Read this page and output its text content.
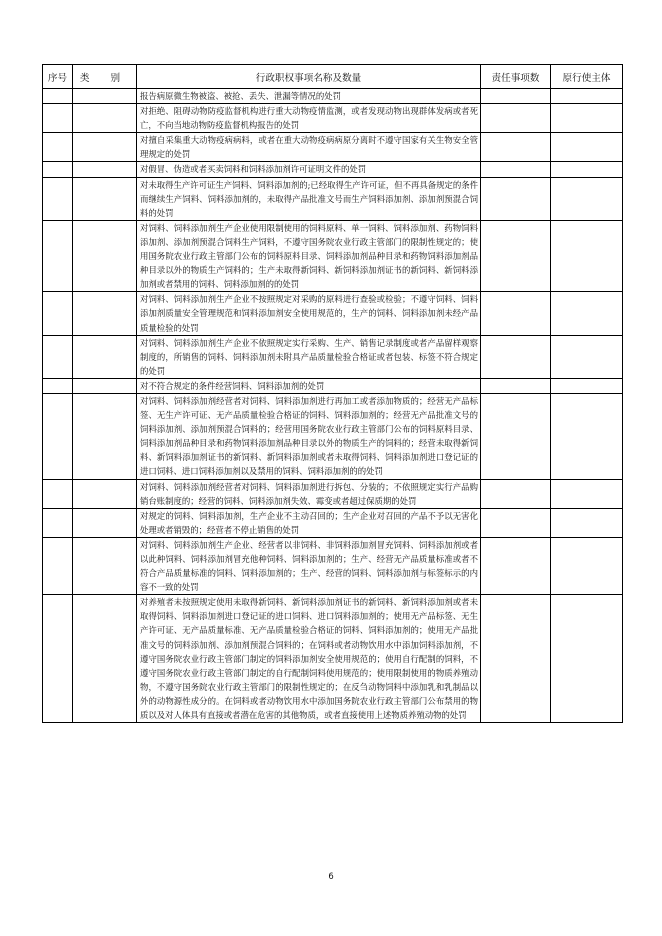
序号	类 别	行政职权事项名称及数量	责任事项数	原行使主体
		报告病原微生物被盗、被抢、丢失、泄漏等情况的处罚		
		对拒绝、阻碍动物防疫监督机构进行重大动物疫情监测，或者发现动物出现群体发病或者死亡，不向当地动物防疫监督机构报告的处罚		
		对擅自采集重大动物疫病病料，或者在重大动物疫病病原分离时不遵守国家有关生物安全管理规定的处罚		
		对假冒、伪造或者买卖饲料和饲料添加剂许可证明文件的处罚		
		对未取得生产许可证生产饲料、饲料添加剂的;已经取得生产许可证，但不再具备规定的条件而继续生产饲料、饲料添加剂的，未取得产品批准文号而生产饲料添加剂、添加剂预混合饲料的处罚		
		对饲料、饲料添加剂生产企业使用限制使用的饲料原料、单一饲料、饲料添加剂、药物饲料添加剂、添加剂预混合饲料生产饲料，不遵守国务院农业行政主管部门的限制性规定的；使用国务院农业行政主管部门公布的饲料原料目录、饲料添加剂品种目录和药物饲料添加剂品种目录以外的物质生产饲料的；生产未取得新饲料、新饲料添加剂证书的新饲料、新饲料添加剂或者禁用的饲料、饲料添加剂的的处罚		
		对饲料、饲料添加剂生产企业不按照规定对采购的原料进行查验或检验；不遵守饲料、饲料添加剂质量安全管理规范和饲料添加剂安全使用规范的，生产的饲料、饲料添加剂未经产品质量检验的处罚		
		对饲料、饲料添加剂生产企业不依照规定实行采购、生产、销售记录制度或者产品留样观察制度的，所销售的饲料、饲料添加剂未附具产品质量检验合格证或者包装、标签不符合规定的处罚		
		对不符合规定的条件经营饲料、饲料添加剂的处罚		
		对饲料、饲料添加剂经营者对饲料、饲料添加剂进行再加工或者添加物质的；经营无产品标签、无生产许可证、无产品质量检验合格证的饲料、饲料添加剂的；经营无产品批准文号的饲料添加剂、添加剂预混合饲料的；经营用国务院农业行政主管部门公布的饲料原料目录、饲料添加剂品种目录和药物饲料添加剂品种目录以外的物质生产的饲料的；经营未取得新饲料、新饲料添加剂证书的新饲料、新饲料添加剂或者未取得饲料、饲料添加剂进口登记证的进口饲料、进口饲料添加剂以及禁用的饲料、饲料添加剂的的处罚		
		对饲料、饲料添加剂经营者对饲料、饲料添加剂进行拆包、分装的；不依照规定实行产品购销台账制度的；经营的饲料、饲料添加剂失效、霉变或者超过保质期的处罚		
		对规定的饲料、饲料添加剂，生产企业不主动召回的；生产企业对召回的产品不予以无害化处理或者销毁的；经营者不停止销售的处罚		
		对饲料、饲料添加剂生产企业、经营者以非饲料、非饲料添加剂冒充饲料、饲料添加剂或者以此种饲料、饲料添加剂冒充他种饲料、饲料添加剂的；生产、经营无产品质量标准或者不符合产品质量标准的饲料、饲料添加剂的；生产、经营的饲料、饲料添加剂与标签标示的内容不一致的处罚		
		对养殖者未按照规定使用未取得新饲料、新饲料添加剂证书的新饲料、新饲料添加剂或者未取得饲料、饲料添加剂进口登记证的进口饲料、进口饲料添加剂的；使用无产品标签、无生产许可证、无产品质量标准、无产品质量检验合格证的饲料、饲料添加剂的；使用无产品批准文号的饲料添加剂、添加剂预混合饲料的；在饲料或者动物饮用水中添加饲料添加剂，不遵守国务院农业行政主管部门制定的饲料添加剂安全使用规范的；使用自行配制的饲料，不遵守国务院农业行政主管部门制定的自行配制饲料使用规范的；使用限制使用的物质养殖动物，不遵守国务院农业行政主管部门的限制性规定的；在反刍动物饲料中添加乳和乳制品以外的动物源性成分的。在饲料或者动物饮用水中添加国务院农业行政主管部门公布禁用的物质以及对人体具有直接或者潜在危害的其他物质，或者直接使用上述物质养殖动物的处罚		
6
